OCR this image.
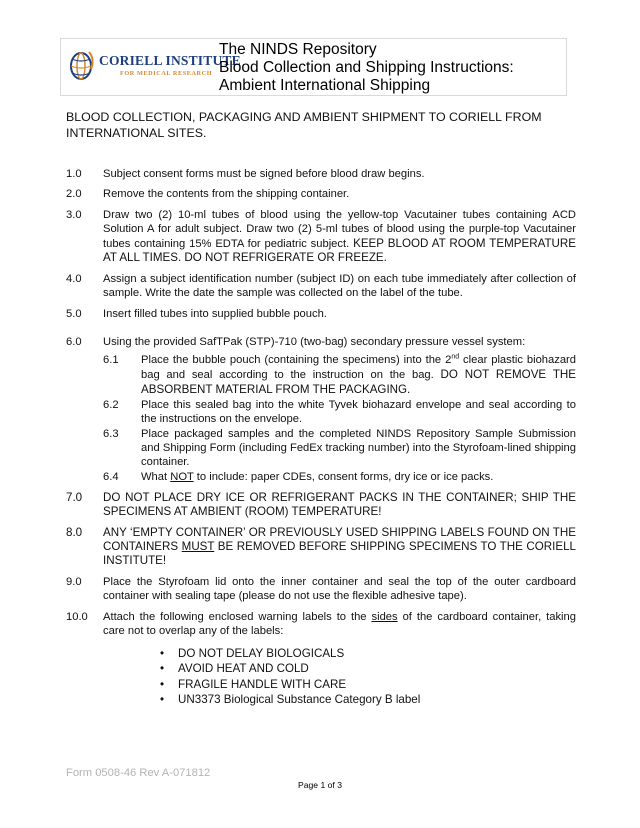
CORIELL INSTITUTE
FOR MEDICAL RESEARCH
The NINDS Repository
Blood Collection and Shipping Instructions:
Ambient International Shipping
BLOOD COLLECTION, PACKAGING AND AMBIENT SHIPMENT TO CORIELL FROM INTERNATIONAL SITES.
1.0 Subject consent forms must be signed before blood draw begins.
2.0 Remove the contents from the shipping container.
3.0 Draw two (2) 10-ml tubes of blood using the yellow-top Vacutainer tubes containing ACD Solution A for adult subject. Draw two (2) 5-ml tubes of blood using the purple-top Vacutainer tubes containing 15% EDTA for pediatric subject. KEEP BLOOD AT ROOM TEMPERATURE AT ALL TIMES. DO NOT REFRIGERATE OR FREEZE.
4.0 Assign a subject identification number (subject ID) on each tube immediately after collection of sample. Write the date the sample was collected on the label of the tube.
5.0 Insert filled tubes into supplied bubble pouch.
6.0 Using the provided SafTPak (STP)-710 (two-bag) secondary pressure vessel system:
6.1 Place the bubble pouch (containing the specimens) into the 2nd clear plastic biohazard bag and seal according to the instruction on the bag. DO NOT REMOVE THE ABSORBENT MATERIAL FROM THE PACKAGING.
6.2 Place this sealed bag into the white Tyvek biohazard envelope and seal according to the instructions on the envelope.
6.3 Place packaged samples and the completed NINDS Repository Sample Submission and Shipping Form (including FedEx tracking number) into the Styrofoam-lined shipping container.
6.4 What NOT to include: paper CDEs, consent forms, dry ice or ice packs.
7.0 DO NOT PLACE DRY ICE OR REFRIGERANT PACKS IN THE CONTAINER; SHIP THE SPECIMENS AT AMBIENT (ROOM) TEMPERATURE!
8.0 ANY ‘EMPTY CONTAINER’ OR PREVIOUSLY USED SHIPPING LABELS FOUND ON THE CONTAINERS MUST BE REMOVED BEFORE SHIPPING SPECIMENS TO THE CORIELL INSTITUTE!
9.0 Place the Styrofoam lid onto the inner container and seal the top of the outer cardboard container with sealing tape (please do not use the flexible adhesive tape).
10.0 Attach the following enclosed warning labels to the sides of the cardboard container, taking care not to overlap any of the labels:
• DO NOT DELAY BIOLOGICALS
• AVOID HEAT AND COLD
• FRAGILE HANDLE WITH CARE
• UN3373 Biological Substance Category B label
Form 0508-46 Rev A-071812
Page 1 of 3
